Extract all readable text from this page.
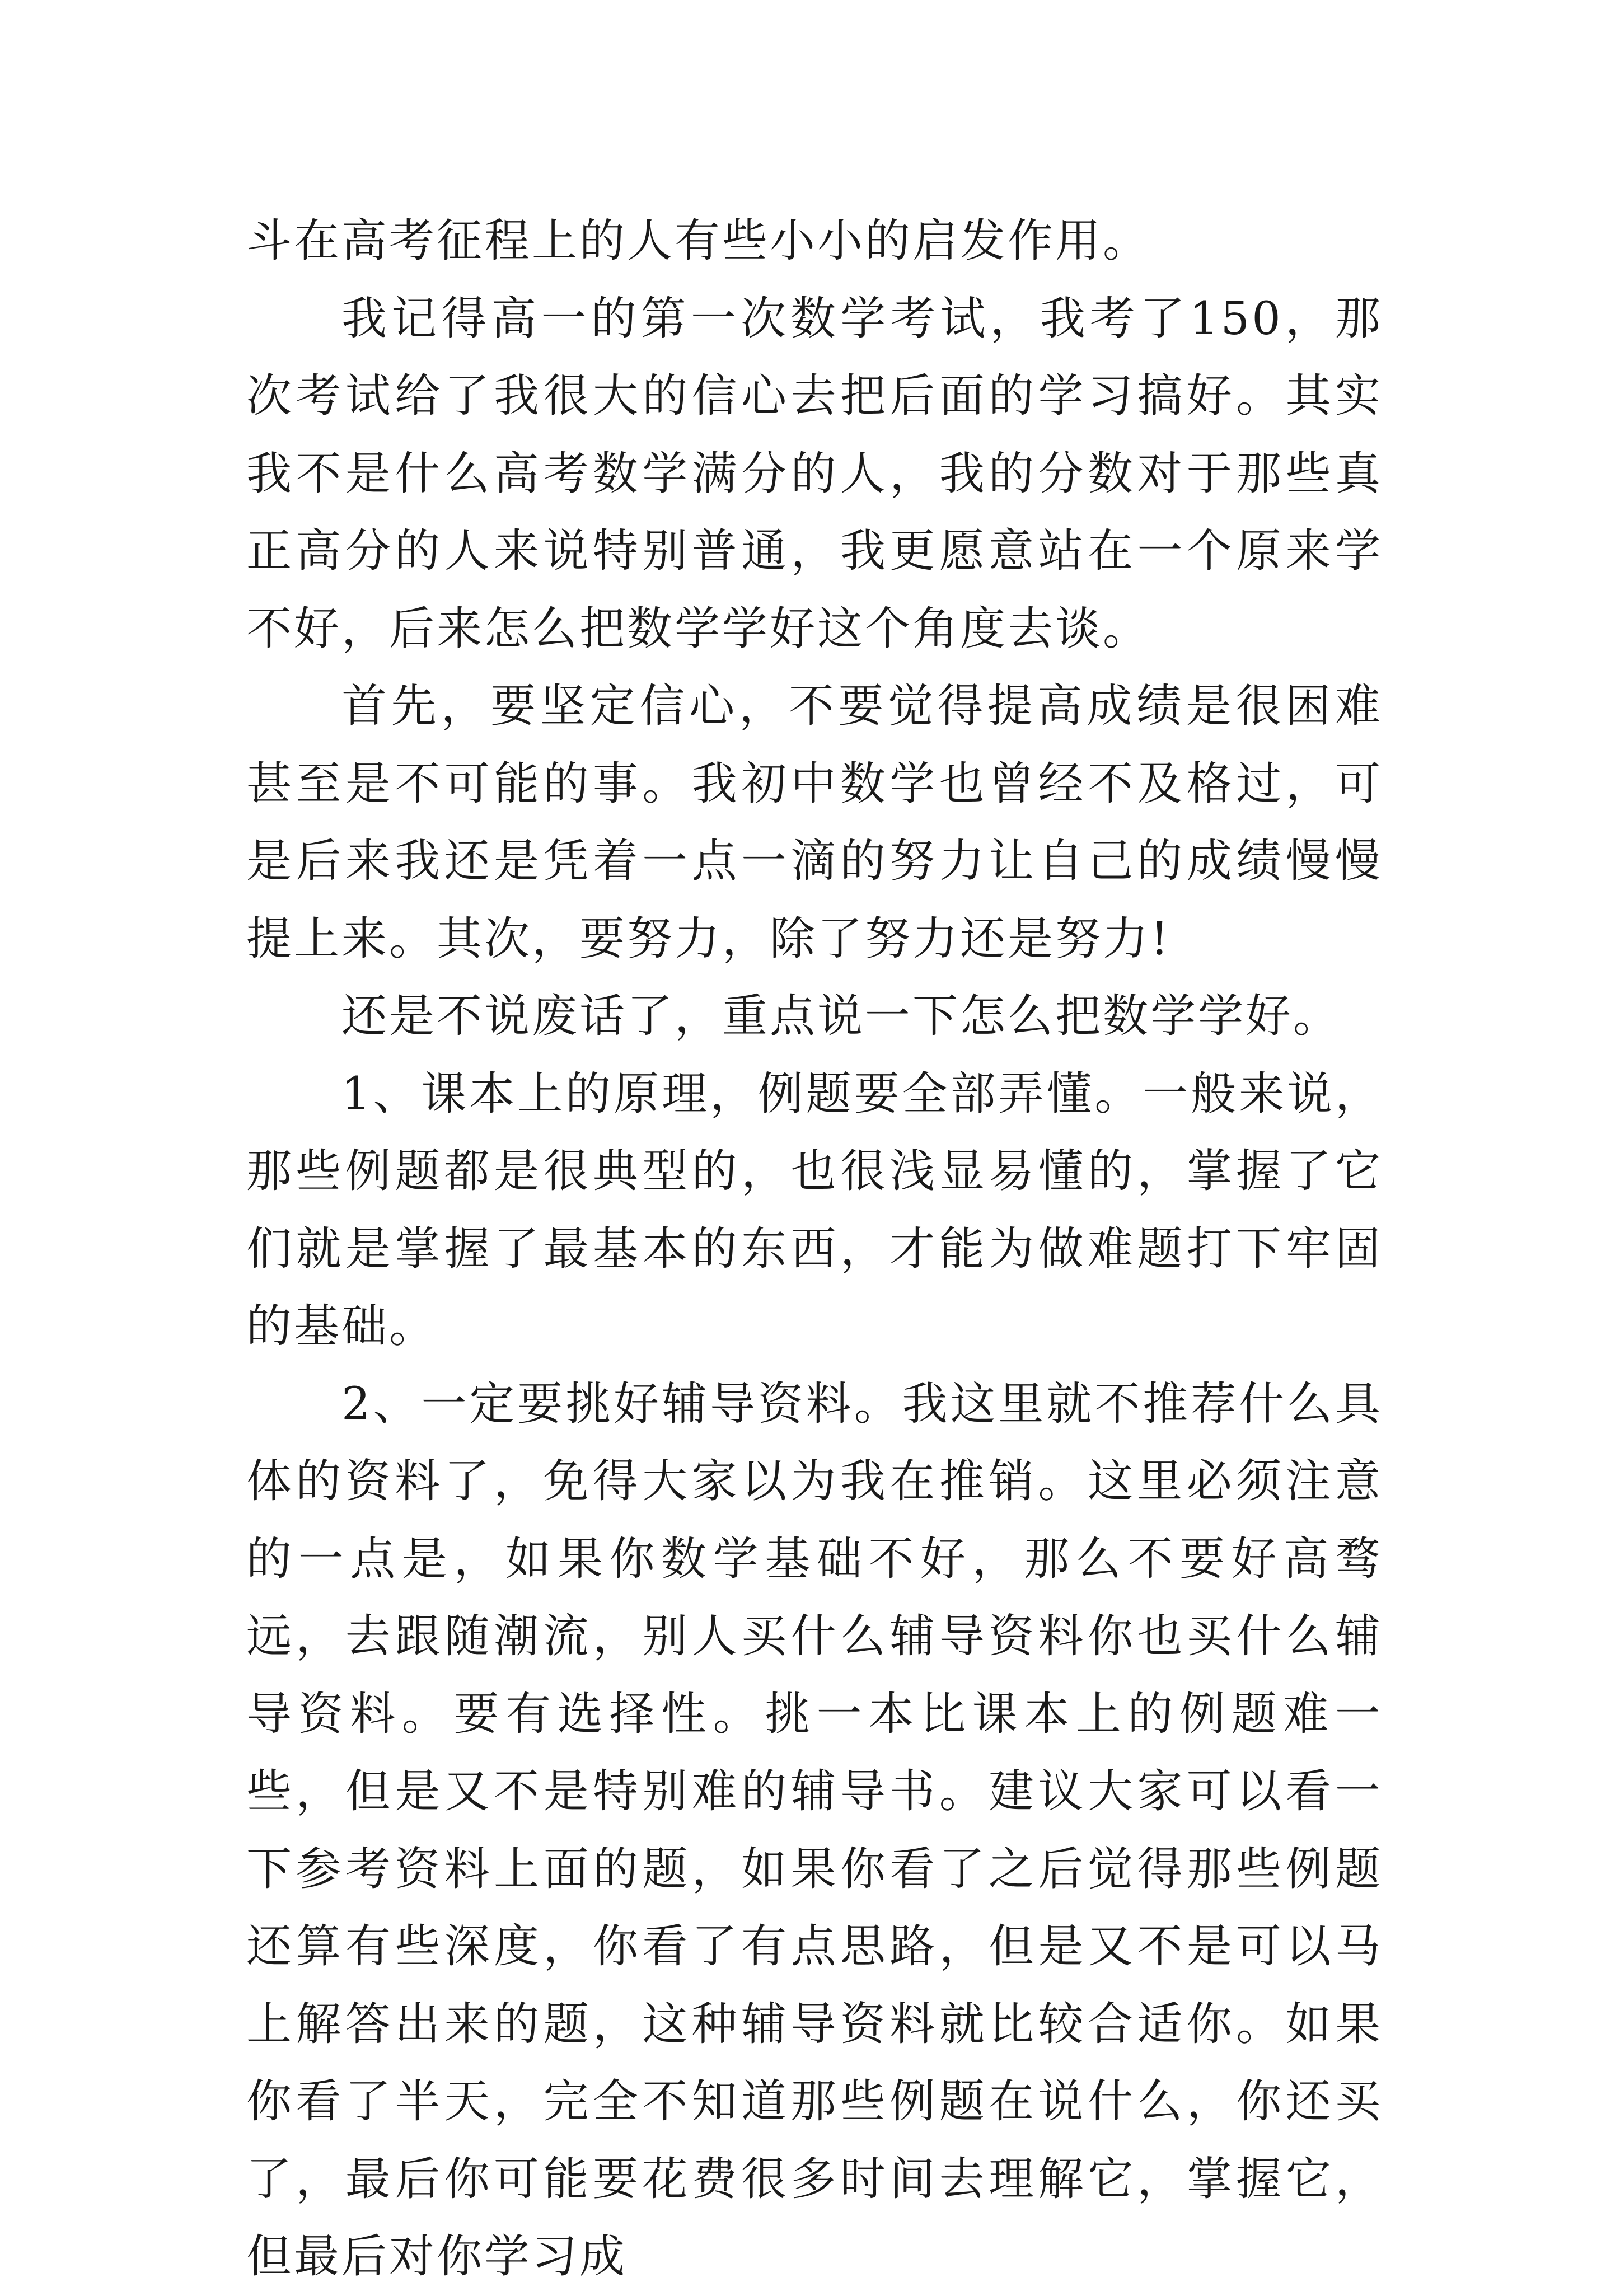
斗在高考征程上的人有些小小的启发作用。

我记得高一的第一次数学考试，我考了150，那次考试给了我很大的信心去把后面的学习搞好。其实我不是什么高考数学满分的人，我的分数对于那些真正高分的人来说特别普通，我更愿意站在一个原来学不好，后来怎么把数学学好这个角度去谈。

首先，要坚定信心，不要觉得提高成绩是很困难甚至是不可能的事。我初中数学也曾经不及格过，可是后来我还是凭着一点一滴的努力让自己的成绩慢慢提上来。其次，要努力，除了努力还是努力!

还是不说废话了，重点说一下怎么把数学学好。

1、课本上的原理，例题要全部弄懂。一般来说，那些例题都是很典型的，也很浅显易懂的，掌握了它们就是掌握了最基本的东西，才能为做难题打下牢固的基础。

2、一定要挑好辅导资料。我这里就不推荐什么具体的资料了，免得大家以为我在推销。这里必须注意的一点是，如果你数学基础不好，那么不要好高骛远，去跟随潮流，别人买什么辅导资料你也买什么辅导资料。要有选择性。挑一本比课本上的例题难一些，但是又不是特别难的辅导书。建议大家可以看一下参考资料上面的题，如果你看了之后觉得那些例题还算有些深度，你看了有点思路，但是又不是可以马上解答出来的题，这种辅导资料就比较合适你。如果你看了半天，完全不知道那些例题在说什么，你还买了，最后你可能要花费很多时间去理解它，掌握它，但最后对你学习成
